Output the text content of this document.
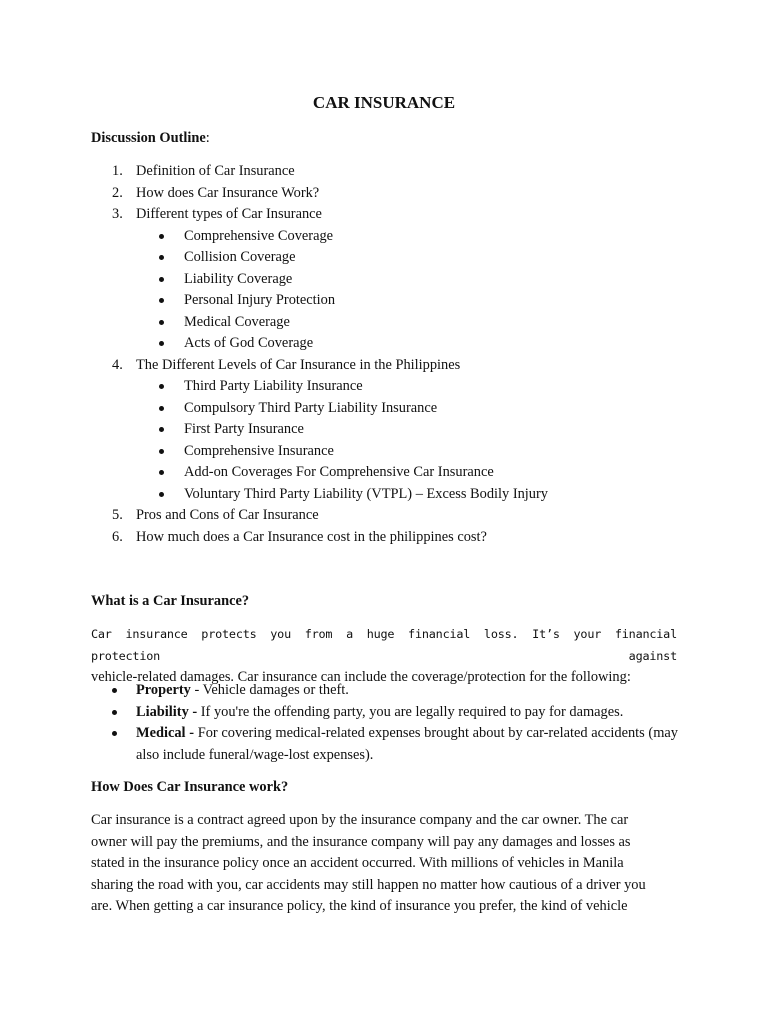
CAR INSURANCE
Discussion Outline:
1. Definition of Car Insurance
2. How does Car Insurance Work?
3. Different types of Car Insurance
Comprehensive Coverage
Collision Coverage
Liability Coverage
Personal Injury Protection
Medical Coverage
Acts of God Coverage
4. The Different Levels of Car Insurance in the Philippines
Third Party Liability Insurance
Compulsory Third Party Liability Insurance
First Party Insurance
Comprehensive Insurance
Add-on Coverages For Comprehensive Car Insurance
Voluntary Third Party Liability (VTPL) – Excess Bodily Injury
5. Pros and Cons of Car Insurance
6. How much does a Car Insurance cost in the philippines cost?
What is a Car Insurance?
Car insurance protects you from a huge financial loss. It’s your financial protection against
vehicle-related damages. Car insurance can include the coverage/protection for the following:
Property - Vehicle damages or theft.
Liability - If you're the offending party, you are legally required to pay for damages.
Medical - For covering medical-related expenses brought about by car-related accidents (may also include funeral/wage-lost expenses).
How Does Car Insurance work?

Car insurance is a contract agreed upon by the insurance company and the car owner. The car

owner will pay the premiums, and the insurance company will pay any damages and losses as

stated in the insurance policy once an accident occurred. With millions of vehicles in Manila

sharing the road with you, car accidents may still happen no matter how cautious of a driver you

are. When getting a car insurance policy, the kind of insurance you prefer, the kind of vehicle
